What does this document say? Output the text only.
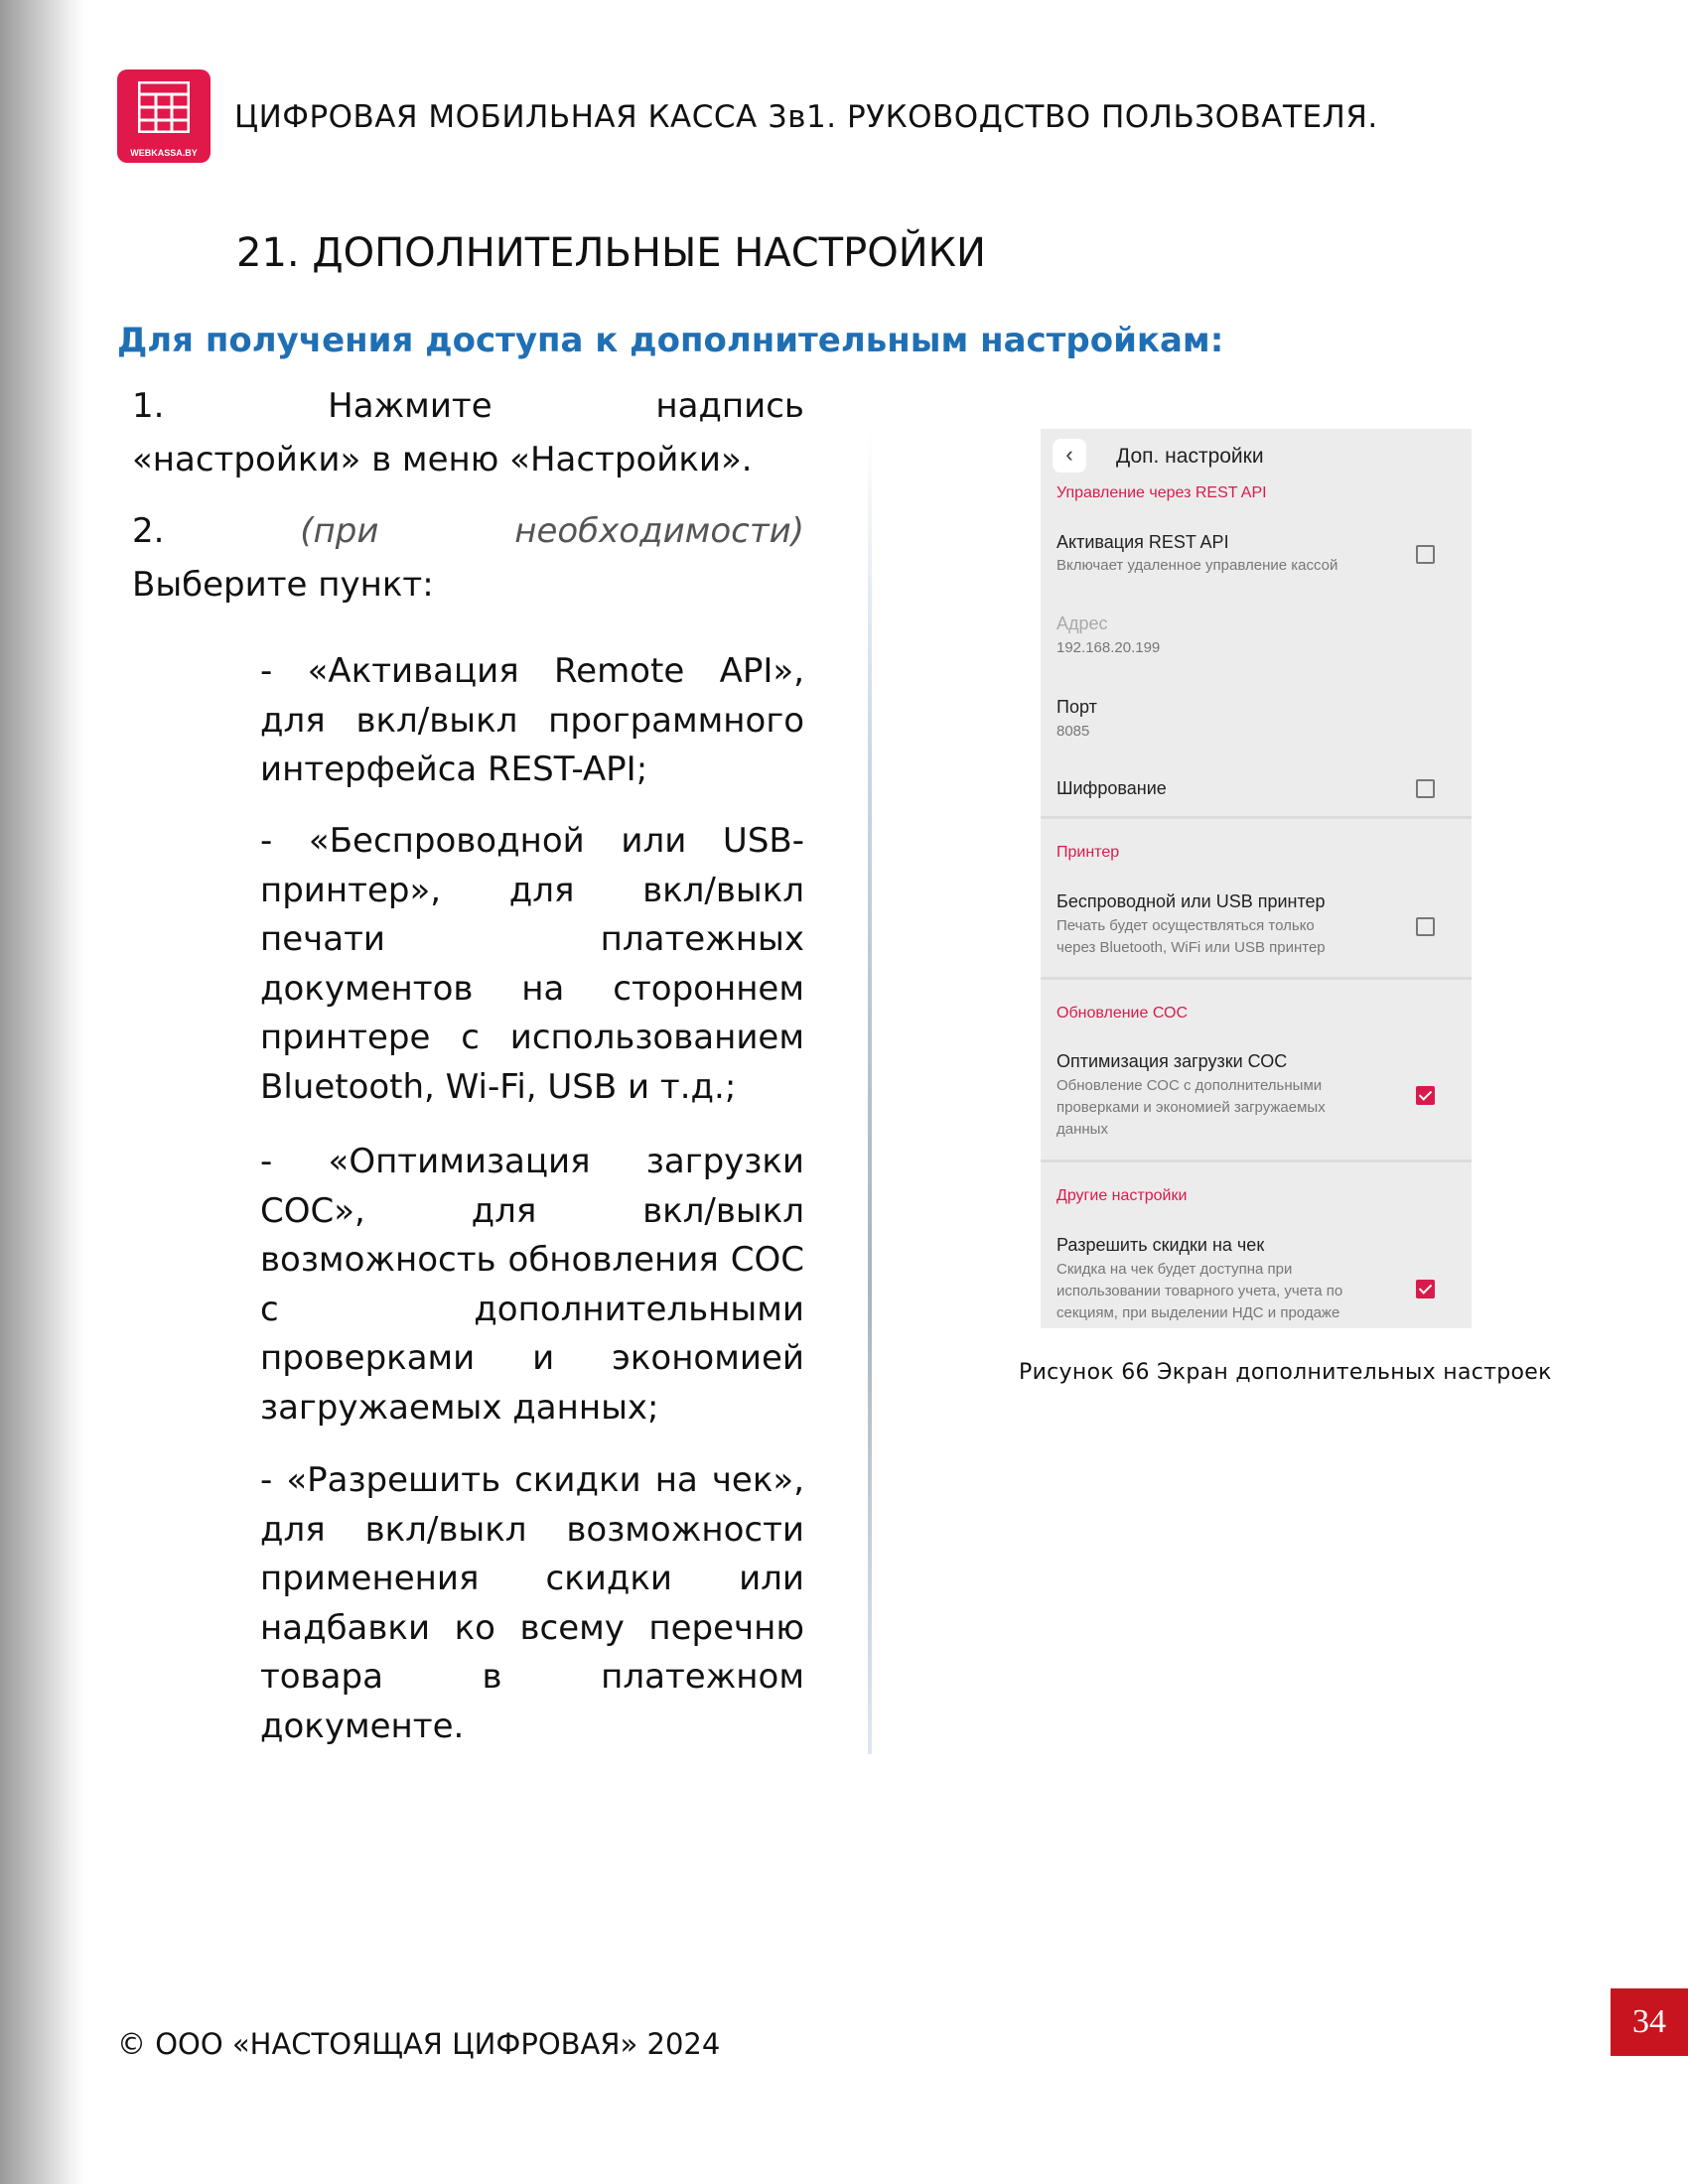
WEBKASSA.BY
ЦИФРОВАЯ МОБИЛЬНАЯ КАССА 3в1. РУКОВОДСТВО ПОЛЬЗОВАТЕЛЯ.
21. ДОПОЛНИТЕЛЬНЫЕ НАСТРОЙКИ
Для получения доступа к дополнительным настройкам:
1.	Нажмите	надпись
«настройки» в меню «Настройки».
2.	(при	необходимости)
Выберите пункт:
- «Активация Remote API», для вкл/выкл программного интерфейса REST-API;
- «Беспроводной или USB-принтер», для вкл/выкл печати платежных документов на стороннем принтере с использованием Bluetooth, Wi-Fi, USB и т.д.;
- «Оптимизация загрузки СОС», для вкл/выкл возможность обновления СОС с дополнительными проверками и экономией загружаемых данных;
- «Разрешить скидки на чек», для вкл/выкл возможности применения скидки или надбавки ко всему перечню товара в платежном документе.
‹	Доп. настройки
Управление через REST API
Активация REST API
Включает удаленное управление кассой
Адрес
192.168.20.199
Порт
8085
Шифрование
Принтер
Беспроводной или USB принтер
Печать будет осуществляться только
через Bluetooth, WiFi или USB принтер
Обновление СОС
Оптимизация загрузки СОС
Обновление СОС с дополнительными
проверками и экономией загружаемых
данных
Другие настройки
Разрешить скидки на чек
Скидка на чек будет доступна при
использовании товарного учета, учета по
секциям, при выделении НДС и продаже
Рисунок 66 Экран дополнительных настроек
© ООО «НАСТОЯЩАЯ ЦИФРОВАЯ» 2024
34
